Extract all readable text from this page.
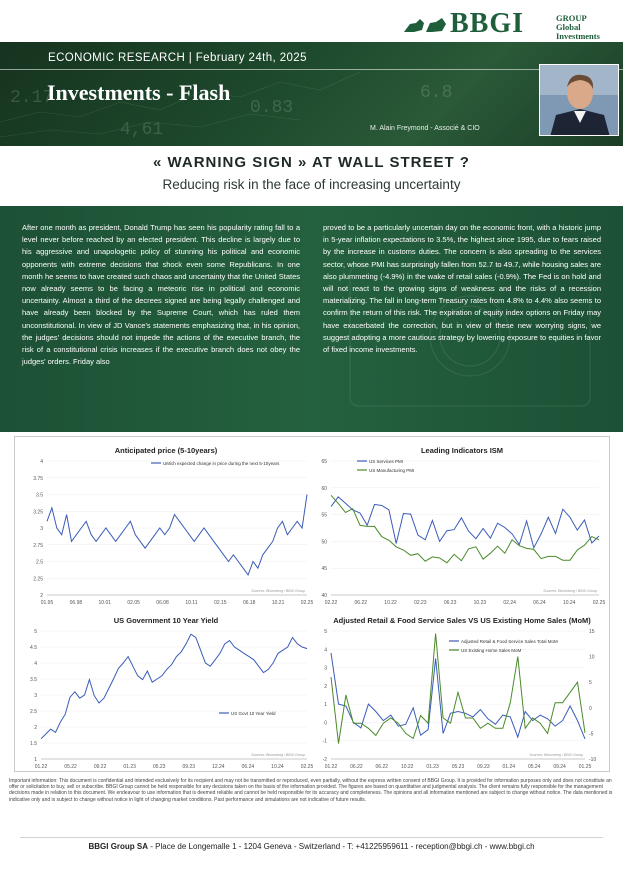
BBGI	GROUP
Global
Investments
2.17
4,61
0.83
6.8
ECONOMIC RESEARCH | February 24th, 2025
Investments - Flash
M. Alain Freymond - Associé & CIO
« WARNING SIGN » AT WALL STREET ?
Reducing risk in the face of increasing uncertainty
After one month as president, Donald Trump has seen his popularity rating fall to a level never before reached by an elected president. This decline is largely due to his aggressive and unapologetic policy of stunning his political and economic opponents with extreme decisions that shock even some Republicans. In one month he seems to have created such chaos and uncertainty that the United States now already seems to be facing a meteoric rise in political and economic uncertainty. Almost a third of the decrees signed are being legally challenged and have already been blocked by the Supreme Court, which has ruled them unconstitutional. In view of JD Vance's statements emphasizing that, in his opinion, the judges' decisions should not impede the actions of the executive branch, the risk of a constitutional crisis increases if the executive branch does not obey the judges' orders. Friday also
proved to be a particularly uncertain day on the economic front, with a historic jump in 5-year inflation expectations to 3.5%, the highest since 1995, due to fears raised by the increase in customs duties. The concern is also spreading to the services sector, whose PMI has surprisingly fallen from 52.7 to 49.7, while housing sales are also plummeting (-4.9%) in the wake of retail sales (-0.9%). The Fed is on hold and will not react to the growing signs of weakness and the risks of a recession materializing. The fall in long-term Treasury rates from 4.8% to 4.4% also seems to confirm the return of this risk. The expiration of equity index options on Friday may have exacerbated the correction, but in view of these new worrying signs, we suggest adopting a more cautious strategy by lowering exposure to equities in favor of fixed income investments.
Anticipated price (5-10years)
2
2.25
2.5
2.75
3
3.25
3.5
3.75
4
01.95	06.98	10.01	02.05	06.08	10.11	02.15	06.18	10.21	02.25
UMich expected change in price during the next 5-10years
Sources: Bloomberg / BBGI Group
Leading Indicators ISM
40
45
50
55
60
65
02.22	06.22	10.22	02.23	06.23	10.23	02.24	06.24	10.24	02.25
US Services PMI
US Manufacturing PMI
Sources: Bloomberg / BBGI Group
US Government 10 Year Yield
1
1.5
2
2.5
3
3.5
4
4.5
5
01.22	05.22	09.22	01.23	05.23	09.23	12.24	06.24	10.24	02.25
US Govt 10 Year Yield
Sources: Bloomberg / BBGI Group
Adjusted Retail & Food Service Sales VS US Existing Home Sales (MoM)
-2
-1
0
1
2
3
4
5
-10
-5
0
5
10
15
01.22	06.22	06.22	10.22	01.23	05.23	09.23	01.24	05.24	09.24	01.25
Adjusted Retail & Food Service Sales Total MoM
US Existing Home Sales MoM
Sources: Bloomberg / BBGI Group
Important information: This document is confidential and intended exclusively for its recipient and may not be transmitted or reproduced, even partially, without the express written consent of BBGI Group. It is provided for information purposes only and does not constitute an offer or solicitation to buy, sell or subscribe. BBGI Group cannot be held responsible for any decisions taken on the basis of the information provided. The figures are based on quantitative and judgmental analysis. The client remains fully responsible for the management decisions made in relation to this document. We endeavour to use information that is deemed reliable and cannot be held responsible for its accuracy and completeness. The opinions and all information mentioned are subject to change without notice. The data mentioned is indicative only and is subject to change without notice in light of changing market conditions. Past performance and simulations are not indicative of future results.
BBGI Group SA - Place de Longemalle 1 - 1204 Geneva - Switzerland - T: +41225959611 - reception@bbgi.ch - www.bbgi.ch
